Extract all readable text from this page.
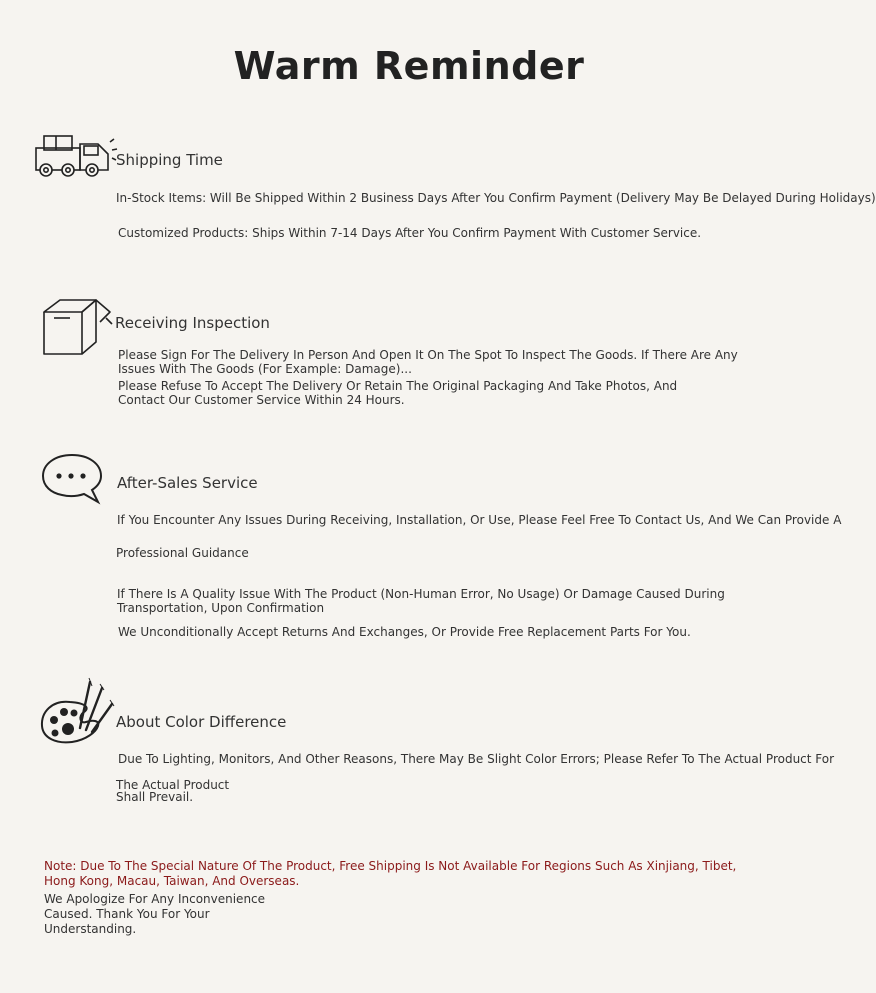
Warm Reminder
Shipping Time
In-Stock Items: Will Be Shipped Within 2 Business Days After You Confirm Payment (Delivery May Be Delayed During Holidays)
Customized Products: Ships Within 7-14 Days After You Confirm Payment With Customer Service.
Receiving Inspection
Please Sign For The Delivery In Person And Open It On The Spot To Inspect The Goods. If There Are Any Issues With The Goods (For Example: Damage)...
Please Refuse To Accept The Delivery Or Retain The Original Packaging And Take Photos, And Contact Our Customer Service Within 24 Hours.
After-Sales Service
If You Encounter Any Issues During Receiving, Installation, Or Use, Please Feel Free To Contact Us, And We Can Provide A
Professional Guidance
If There Is A Quality Issue With The Product (Non-Human Error, No Usage) Or Damage Caused During Transportation, Upon Confirmation
We Unconditionally Accept Returns And Exchanges, Or Provide Free Replacement Parts For You.
About Color Difference
Due To Lighting, Monitors, And Other Reasons, There May Be Slight Color Errors; Please Refer To The Actual Product For
The Actual Product Shall Prevail.
Note: Due To The Special Nature Of The Product, Free Shipping Is Not Available For Regions Such As Xinjiang, Tibet, Hong Kong, Macau, Taiwan, And Overseas.
We Apologize For Any Inconvenience Caused. Thank You For Your Understanding.
